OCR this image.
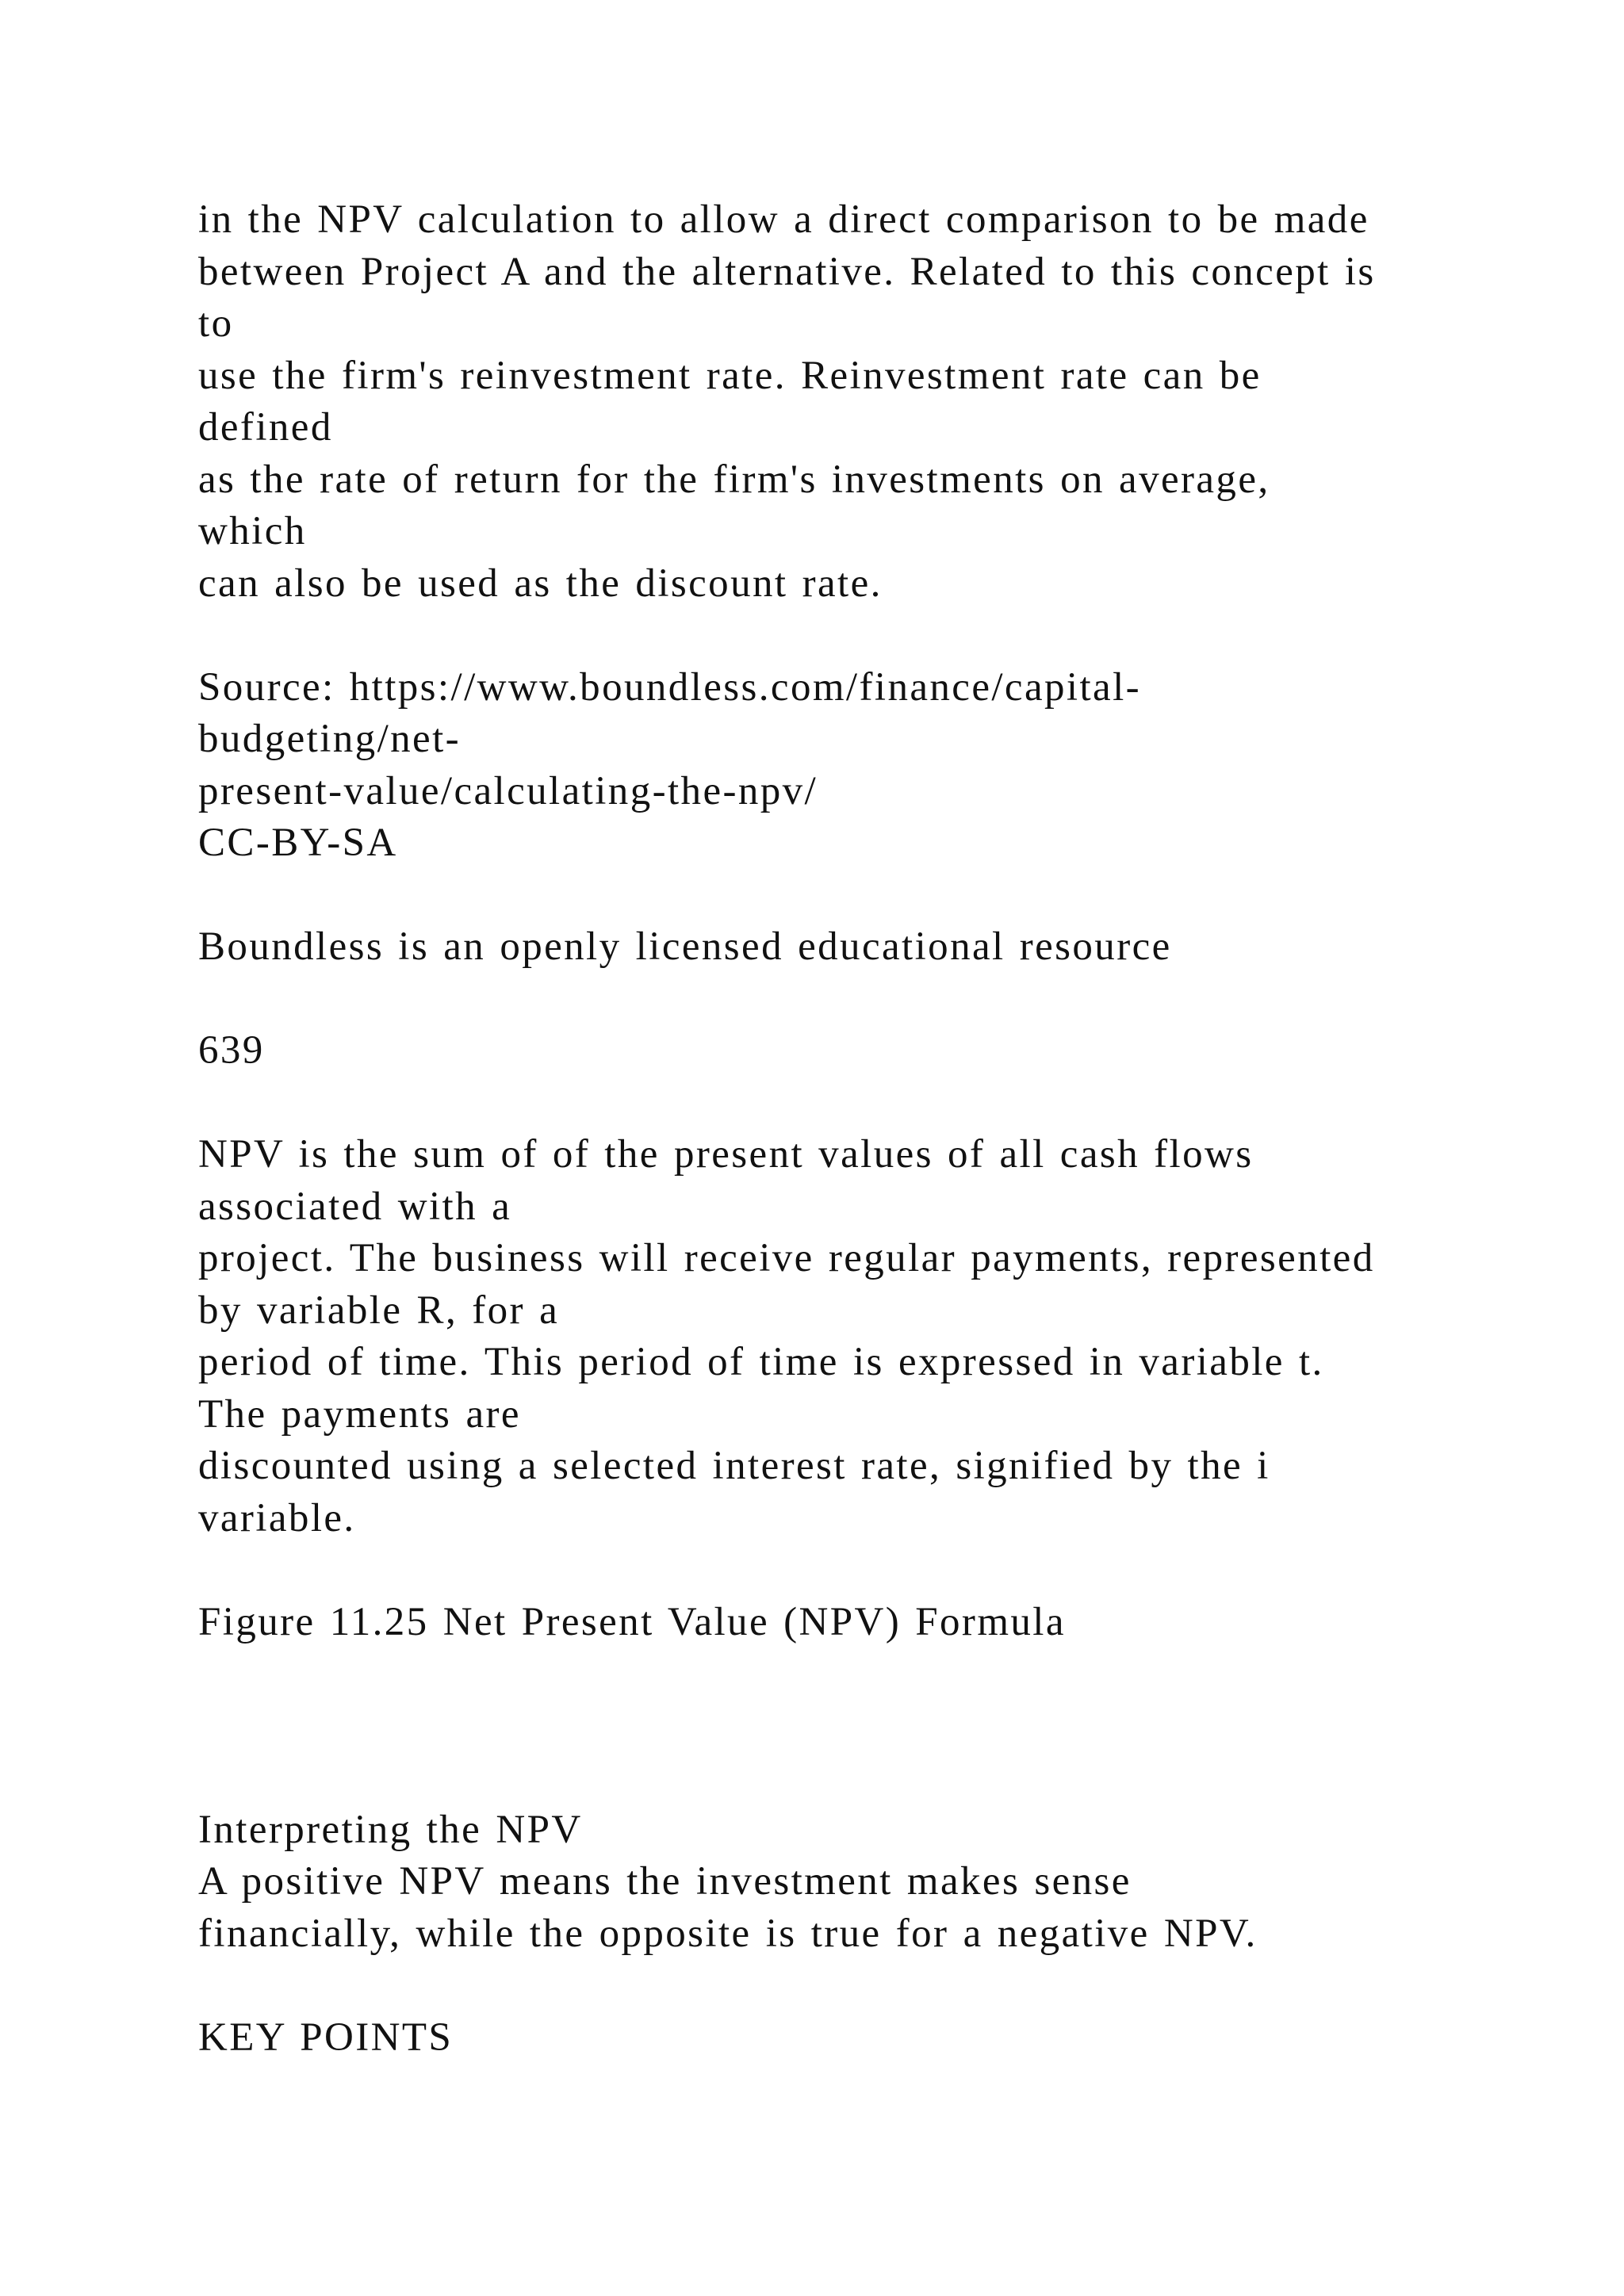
in the NPV calculation to allow a direct comparison to be made
between Project A and the alternative. Related to this concept is
to
use the firm's reinvestment rate. Reinvestment rate can be
defined
as the rate of return for the firm's investments on average,
which
can also be used as the discount rate.
Source: https://www.boundless.com/finance/capital-
budgeting/net-
present-value/calculating-the-npv/
CC-BY-SA
Boundless is an openly licensed educational resource
639
NPV is the sum of of the present values of all cash flows
associated with a
project. The business will receive regular payments, represented
by variable R, for a
period of time. This period of time is expressed in variable t.
The payments are
discounted using a selected interest rate, signified by the i
variable.
Figure 11.25 Net Present Value (NPV) Formula
Interpreting the NPV
A positive NPV means the investment makes sense
financially, while the opposite is true for a negative NPV.
KEY POINTS
